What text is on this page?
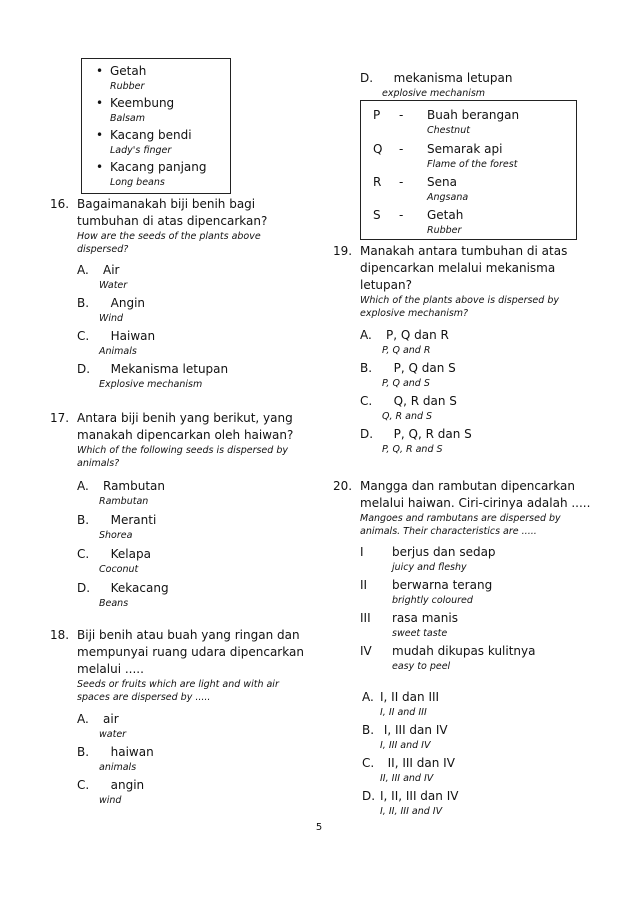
• Getah
Rubber
• Keembung
Balsam
• Kacang bendi
Lady's finger
• Kacang panjang
Long beans
16. Bagaimanakah biji benih bagi
tumbuhan di atas dipencarkan?
How are the seeds of the plants above
dispersed?
A. Air
Water
B. Angin
Wind
C. Haiwan
Animals
D. Mekanisma letupan
Explosive mechanism
17. Antara biji benih yang berikut, yang
manakah dipencarkan oleh haiwan?
Which of the following seeds is dispersed by
animals?
A. Rambutan
Rambutan
B. Meranti
Shorea
C. Kelapa
Coconut
D. Kekacang
Beans
18. Biji benih atau buah yang ringan dan
mempunyai ruang udara dipencarkan
melalui .....
Seeds or fruits which are light and with air
spaces are dispersed by .....
A. air
water
B. haiwan
animals
C. angin
wind
D. mekanisma letupan
explosive mechanism
P - Buah berangan
Chestnut
Q - Semarak api
Flame of the forest
R - Sena
Angsana
S - Getah
Rubber
19. Manakah antara tumbuhan di atas
dipencarkan melalui mekanisma
letupan?
Which of the plants above is dispersed by
explosive mechanism?
A. P, Q dan R
P, Q and R
B. P, Q dan S
P, Q and S
C. Q, R dan S
Q, R and S
D. P, Q, R dan S
P, Q, R and S
20. Mangga dan rambutan dipencarkan
melalui haiwan. Ciri-cirinya adalah .....
Mangoes and rambutans are dispersed by
animals. Their characteristics are .....
I berjus dan sedap
juicy and fleshy
II berwarna terang
brightly coloured
III rasa manis
sweet taste
IV mudah dikupas kulitnya
easy to peel
A. I, II dan III
I, II and III
B. I, III dan IV
I, III and IV
C. II, III dan IV
II, III and IV
D. I, II, III dan IV
I, II, III and IV
5
